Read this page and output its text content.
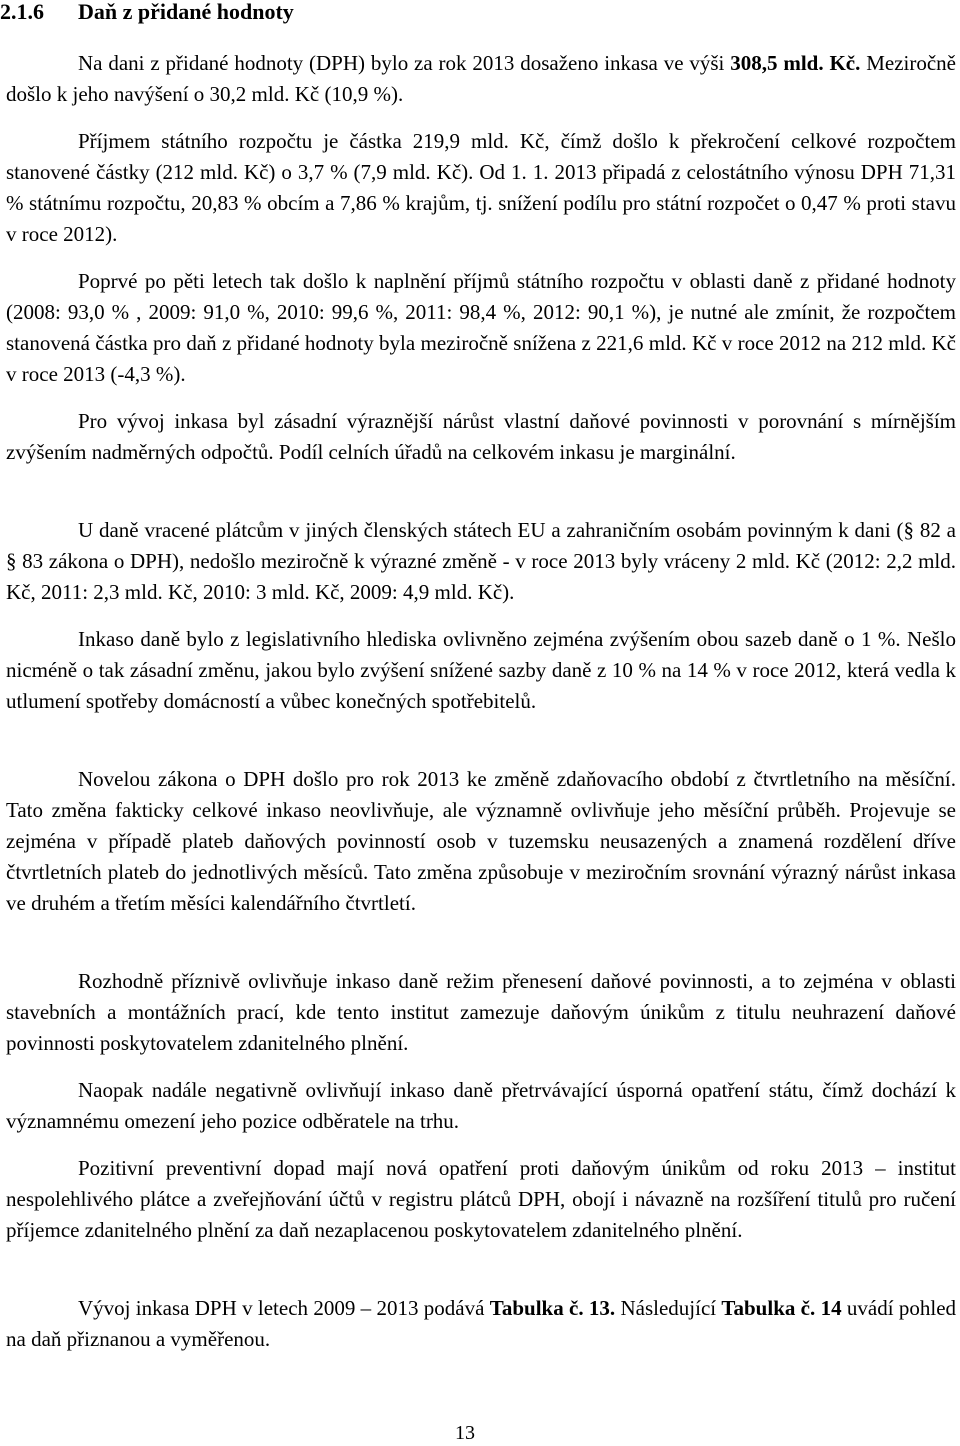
2.1.6 Daň z přidané hodnoty

Na dani z přidané hodnoty (DPH) bylo za rok 2013 dosaženo inkasa ve výši 308,5 mld. Kč. Meziročně došlo k jeho navýšení o 30,2 mld. Kč (10,9 %).

Příjmem státního rozpočtu je částka 219,9 mld. Kč, čímž došlo k překročení celkové rozpočtem stanovené částky (212 mld. Kč) o 3,7 % (7,9 mld. Kč). Od 1. 1. 2013 připadá z celostátního výnosu DPH 71,31 % státnímu rozpočtu, 20,83 % obcím a 7,86 % krajům, tj. snížení podílu pro státní rozpočet o 0,47 % proti stavu v roce 2012).

Poprvé po pěti letech tak došlo k naplnění příjmů státního rozpočtu v oblasti daně z přidané hodnoty (2008: 93,0 % , 2009: 91,0 %, 2010: 99,6 %, 2011: 98,4 %, 2012: 90,1 %), je nutné ale zmínit, že rozpočtem stanovená částka pro daň z přidané hodnoty byla meziročně snížena z 221,6 mld. Kč v roce 2012 na 212 mld. Kč v roce 2013 (-4,3 %).

Pro vývoj inkasa byl zásadní výraznější nárůst vlastní daňové povinnosti v porovnání s mírnějším zvýšením nadměrných odpočtů. Podíl celních úřadů na celkovém inkasu je marginální.

U daně vracené plátcům v jiných členských státech EU a zahraničním osobám povinným k dani (§ 82 a § 83 zákona o DPH), nedošlo meziročně k výrazné změně - v roce 2013 byly vráceny 2 mld. Kč (2012: 2,2 mld. Kč, 2011: 2,3 mld. Kč, 2010: 3 mld. Kč, 2009: 4,9 mld. Kč).

Inkaso daně bylo z legislativního hlediska ovlivněno zejména zvýšením obou sazeb daně o 1 %. Nešlo nicméně o tak zásadní změnu, jakou bylo zvýšení snížené sazby daně z 10 % na 14 % v roce 2012, která vedla k utlumení spotřeby domácností a vůbec konečných spotřebitelů.

Novelou zákona o DPH došlo pro rok 2013 ke změně zdaňovacího období z čtvrtletního na měsíční. Tato změna fakticky celkové inkaso neovlivňuje, ale významně ovlivňuje jeho měsíční průběh. Projevuje se zejména v případě plateb daňových povinností osob v tuzemsku neusazených a znamená rozdělení dříve čtvrtletních plateb do jednotlivých měsíců. Tato změna způsobuje v meziročním srovnání výrazný nárůst inkasa ve druhém a třetím měsíci kalendářního čtvrtletí.

Rozhodně příznivě ovlivňuje inkaso daně režim přenesení daňové povinnosti, a to zejména v oblasti stavebních a montážních prací, kde tento institut zamezuje daňovým únikům z titulu neuhrazení daňové povinnosti poskytovatelem zdanitelného plnění.

Naopak nadále negativně ovlivňují inkaso daně přetrvávající úsporná opatření státu, čímž dochází k významnému omezení jeho pozice odběratele na trhu.

Pozitivní preventivní dopad mají nová opatření proti daňovým únikům od roku 2013 – institut nespolehlivého plátce a zveřejňování účtů v registru plátců DPH, obojí i návazně na rozšíření titulů pro ručení příjemce zdanitelného plnění za daň nezaplacenou poskytovatelem zdanitelného plnění.

Vývoj inkasa DPH v letech 2009 – 2013 podává Tabulka č. 13. Následující Tabulka č. 14 uvádí pohled na daň přiznanou a vyměřenou.

13
